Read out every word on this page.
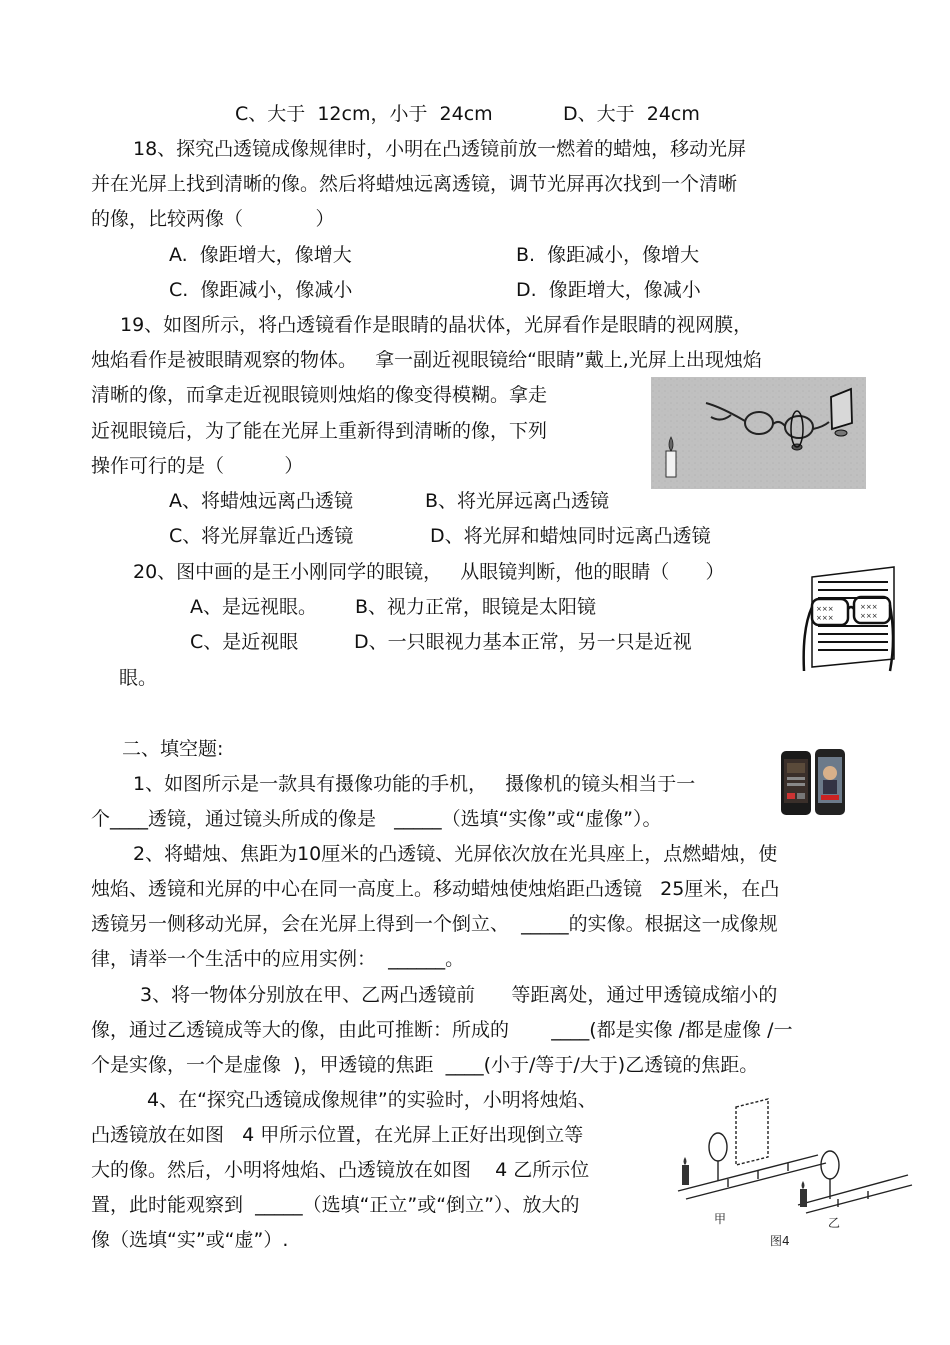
C、大于  12cm，小于  24cm	D、大于  24cm
18、探究凸透镜成像规律时，小明在凸透镜前放一燃着的蜡烛，移动光屏
并在光屏上找到清晰的像。然后将蜡烛远离透镜，调节光屏再次找到一个清晰
的像，比较两像（            ）
A.  像距增大，像增大	B.  像距减小，像增大
C.  像距减小，像减小	D.  像距增大，像减小
19、如图所示，将凸透镜看作是眼睛的晶状体，光屏看作是眼睛的视网膜，
烛焰看作是被眼睛观察的物体。   拿一副近视眼镜给“眼睛”戴上,光屏上出现烛焰
清晰的像，而拿走近视眼镜则烛焰的像变得模糊。拿走
近视眼镜后，为了能在光屏上重新得到清晰的像，下列
操作可行的是（          ）
A、将蜡烛远离凸透镜	B、将光屏远离凸透镜
C、将光屏靠近凸透镜	D、将光屏和蜡烛同时远离凸透镜
20、图中画的是王小刚同学的眼镜，   从眼镜判断，他的眼睛（      ）
A、是远视眼。 B、视力正常，眼镜是太阳镜
C、是近视眼	D、一只眼视力基本正常，另一只是近视
眼。
×××
×××
×××
×××
二、填空题:
1、如图所示是一款具有摄像功能的手机，   摄像机的镜头相当于一
个____透镜，通过镜头所成的像是   _____（选填“实像”或“虚像”）。
2、将蜡烛、焦距为10厘米的凸透镜、光屏依次放在光具座上，点燃蜡烛，使
烛焰、透镜和光屏的中心在同一高度上。移动蜡烛使烛焰距凸透镜   25厘米，在凸
透镜另一侧移动光屏，会在光屏上得到一个倒立、  _____的实像。根据这一成像规
律，请举一个生活中的应用实例：  ______。
3、将一物体分别放在甲、乙两凸透镜前      等距离处，通过甲透镜成缩小的
像，通过乙透镜成等大的像，由此可推断：所成的       ____(都是实像 /都是虚像 /一
个是实像，一个是虚像  )，甲透镜的焦距  ____(小于/等于/大于)乙透镜的焦距。
4、在“探究凸透镜成像规律”的实验时，小明将烛焰、
凸透镜放在如图   4 甲所示位置，在光屏上正好出现倒立等
大的像。然后，小明将烛焰、凸透镜放在如图    4 乙所示位
置，此时能观察到  _____（选填“正立”或“倒立”）、放大的
像（选填“实”或“虚”）.
甲	乙
图4
